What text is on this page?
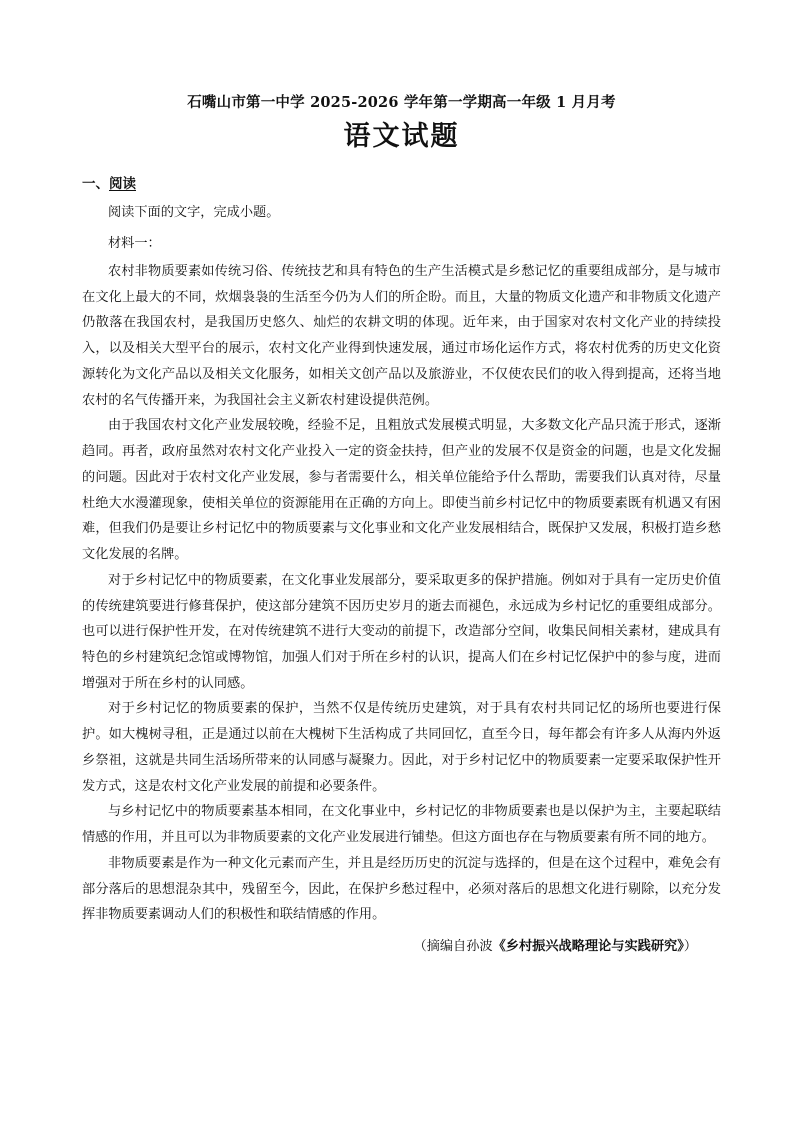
石嘴山市第一中学 2025-2026 学年第一学期高一年级 1 月月考
语文试题
一、阅读

阅读下面的文字，完成小题。

材料一：

农村非物质要素如传统习俗、传统技艺和具有特色的生产生活模式是乡愁记忆的重要组成部分，是与城市在文化上最大的不同，炊烟袅袅的生活至今仍为人们的所企盼。而且，大量的物质文化遗产和非物质文化遗产仍散落在我国农村，是我国历史悠久、灿烂的农耕文明的体现。近年来，由于国家对农村文化产业的持续投入，以及相关大型平台的展示，农村文化产业得到快速发展，通过市场化运作方式，将农村优秀的历史文化资源转化为文化产品以及相关文化服务，如相关文创产品以及旅游业，不仅使农民们的收入得到提高，还将当地农村的名气传播开来，为我国社会主义新农村建设提供范例。

由于我国农村文化产业发展较晚，经验不足，且粗放式发展模式明显，大多数文化产品只流于形式，逐渐趋同。再者，政府虽然对农村文化产业投入一定的资金扶持，但产业的发展不仅是资金的问题，也是文化发掘的问题。因此对于农村文化产业发展，参与者需要什么，相关单位能给予什么帮助，需要我们认真对待，尽量杜绝大水漫灌现象，使相关单位的资源能用在正确的方向上。即使当前乡村记忆中的物质要素既有机遇又有困难，但我们仍是要让乡村记忆中的物质要素与文化事业和文化产业发展相结合，既保护又发展，积极打造乡愁文化发展的名牌。

对于乡村记忆中的物质要素，在文化事业发展部分，要采取更多的保护措施。例如对于具有一定历史价值的传统建筑要进行修葺保护，使这部分建筑不因历史岁月的逝去而褪色，永远成为乡村记忆的重要组成部分。也可以进行保护性开发，在对传统建筑不进行大变动的前提下，改造部分空间，收集民间相关素材，建成具有特色的乡村建筑纪念馆或博物馆，加强人们对于所在乡村的认识，提高人们在乡村记忆保护中的参与度，进而增强对于所在乡村的认同感。

对于乡村记忆的物质要素的保护，当然不仅是传统历史建筑，对于具有农村共同记忆的场所也要进行保护。如大槐树寻租，正是通过以前在大槐树下生活构成了共同回忆，直至今日，每年都会有许多人从海内外返乡祭祖，这就是共同生活场所带来的认同感与凝聚力。因此，对于乡村记忆中的物质要素一定要采取保护性开发方式，这是农村文化产业发展的前提和必要条件。

与乡村记忆中的物质要素基本相同，在文化事业中，乡村记忆的非物质要素也是以保护为主，主要起联结情感的作用，并且可以为非物质要素的文化产业发展进行铺垫。但这方面也存在与物质要素有所不同的地方。

非物质要素是作为一种文化元素而产生，并且是经历历史的沉淀与选择的，但是在这个过程中，难免会有部分落后的思想混杂其中，残留至今，因此，在保护乡愁过程中，必须对落后的思想文化进行剔除，以充分发挥非物质要素调动人们的积极性和联结情感的作用。

（摘编自孙波《乡村振兴战略理论与实践研究》）
